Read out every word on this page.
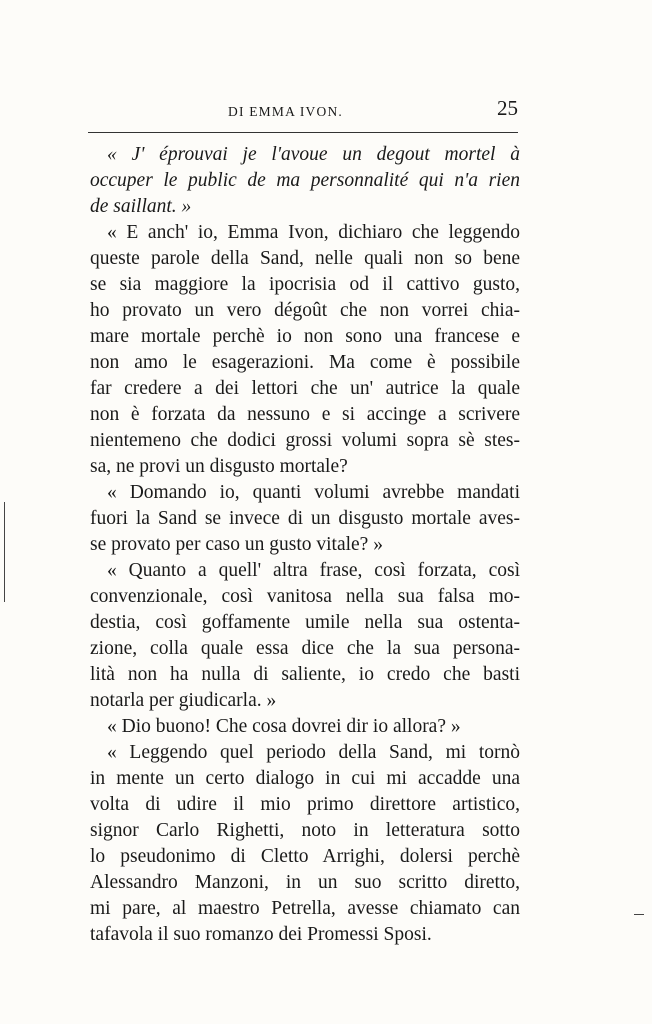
DI EMMA IVON.	25

« J' éprouvai je l'avoue un degout mortel à
occuper le public de ma personnalité qui n'a rien
de saillant. »

« E anch' io, Emma Ivon, dichiaro che leggendo
queste parole della Sand, nelle quali non so bene
se sia maggiore la ipocrisia od il cattivo gusto,
ho provato un vero dégoût che non vorrei chia-
mare mortale perchè io non sono una francese e
non amo le esagerazioni. Ma come è possibile
far credere a dei lettori che un' autrice la quale
non è forzata da nessuno e si accinge a scrivere
nientemeno che dodici grossi volumi sopra sè stes-
sa, ne provi un disgusto mortale?

« Domando io, quanti volumi avrebbe mandati
fuori la Sand se invece di un disgusto mortale aves-
se provato per caso un gusto vitale? »

« Quanto a quell' altra frase, così forzata, così
convenzionale, così vanitosa nella sua falsa mo-
destia, così goffamente umile nella sua ostenta-
zione, colla quale essa dice che la sua persona-
lità non ha nulla di saliente, io credo che basti
notarla per giudicarla. »

« Dio buono! Che cosa dovrei dir io allora? »

« Leggendo quel periodo della Sand, mi tornò
in mente un certo dialogo in cui mi accadde una
volta di udire il mio primo direttore artistico,
signor Carlo Righetti, noto in letteratura sotto
lo pseudonimo di Cletto Arrighi, dolersi perchè
Alessandro Manzoni, in un suo scritto diretto,
mi pare, al maestro Petrella, avesse chiamato can
tafavola il suo romanzo dei Promessi Sposi.
